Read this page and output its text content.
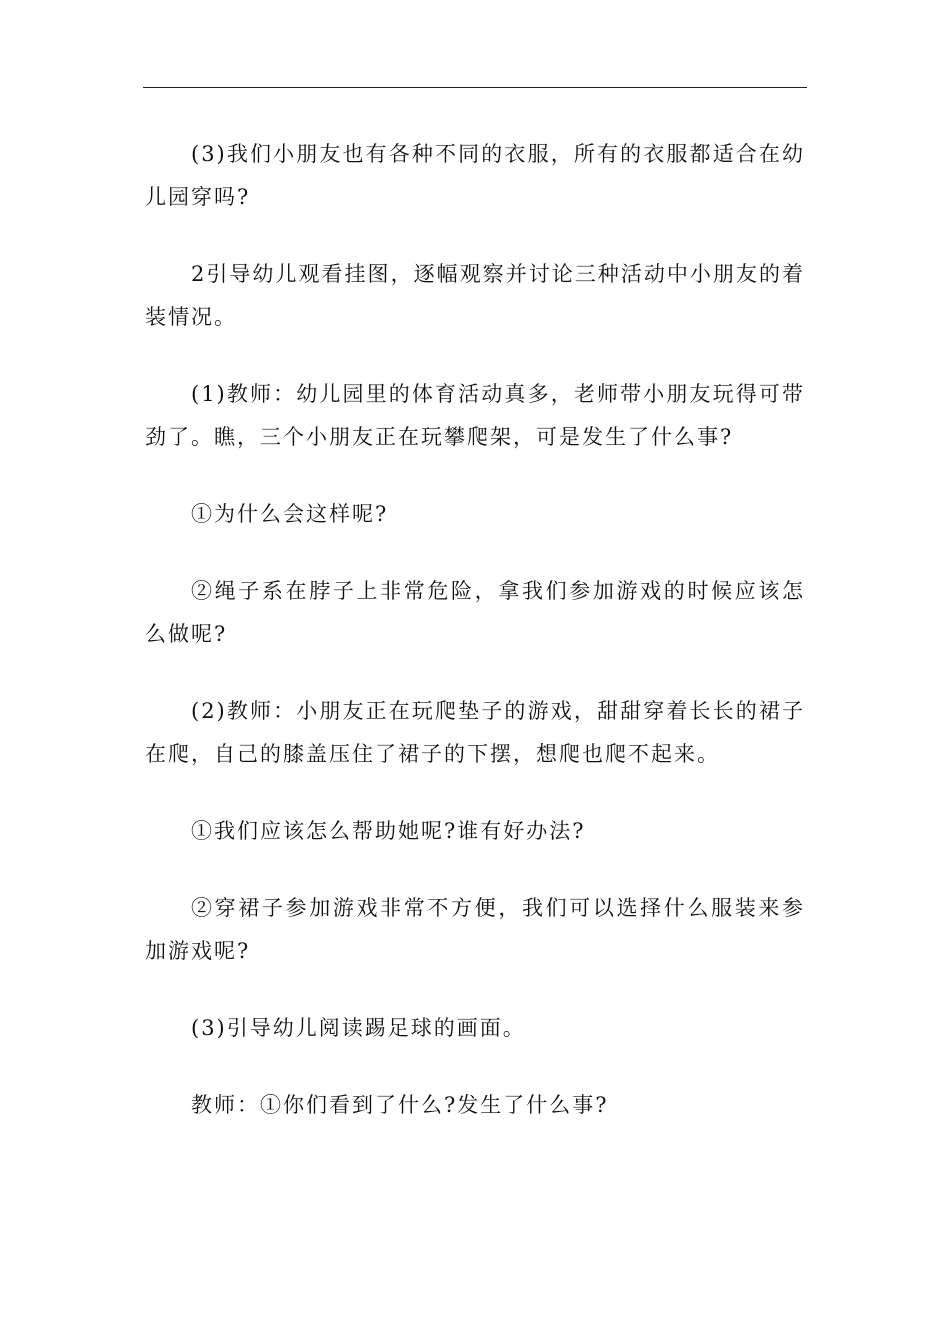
(3)我们小朋友也有各种不同的衣服，所有的衣服都适合在幼儿园穿吗?

2引导幼儿观看挂图，逐幅观察并讨论三种活动中小朋友的着装情况。

(1)教师：幼儿园里的体育活动真多，老师带小朋友玩得可带劲了。瞧，三个小朋友正在玩攀爬架，可是发生了什么事?

①为什么会这样呢?

②绳子系在脖子上非常危险，拿我们参加游戏的时候应该怎么做呢?

(2)教师：小朋友正在玩爬垫子的游戏，甜甜穿着长长的裙子在爬，自己的膝盖压住了裙子的下摆，想爬也爬不起来。

①我们应该怎么帮助她呢?谁有好办法?

②穿裙子参加游戏非常不方便，我们可以选择什么服装来参加游戏呢?

(3)引导幼儿阅读踢足球的画面。

教师：①你们看到了什么?发生了什么事?
